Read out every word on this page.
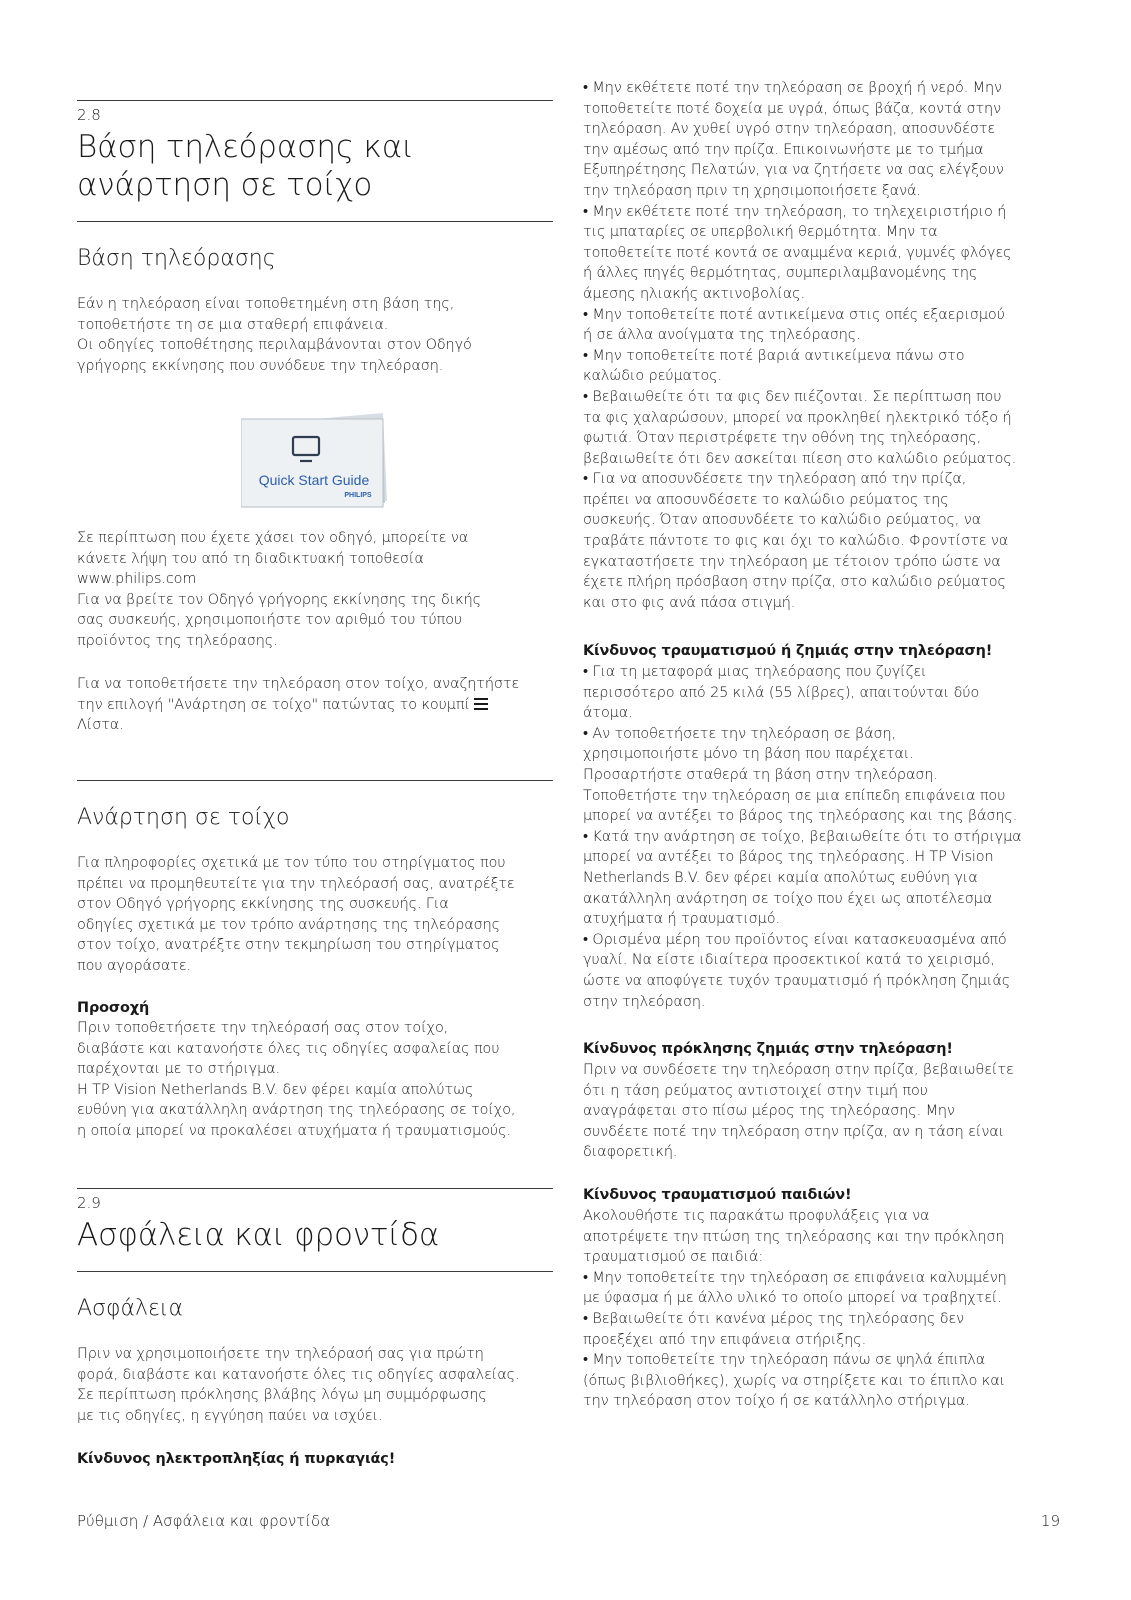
2.8
Βάση τηλεόρασης και
ανάρτηση σε τοίχο
Βάση τηλεόρασης
Εάν η τηλεόραση είναι τοποθετημένη στη βάση της,
τοποθετήστε τη σε μια σταθερή επιφάνεια.
Οι οδηγίες τοποθέτησης περιλαμβάνονται στον Οδηγό
γρήγορης εκκίνησης που συνόδευε την τηλεόραση.
Quick Start Guide
PHILIPS
Σε περίπτωση που έχετε χάσει τον οδηγό, μπορείτε να
κάνετε λήψη του από τη διαδικτυακή τοποθεσία
www.philips.com
Για να βρείτε τον Οδηγό γρήγορης εκκίνησης της δικής
σας συσκευής, χρησιμοποιήστε τον αριθμό του τύπου
προϊόντος της τηλεόρασης.
Για να τοποθετήσετε την τηλεόραση στον τοίχο, αναζητήστε
την επιλογή "Ανάρτηση σε τοίχο" πατώντας το κουμπί
Λίστα.
Ανάρτηση σε τοίχο
Για πληροφορίες σχετικά με τον τύπο του στηρίγματος που
πρέπει να προμηθευτείτε για την τηλεόρασή σας, ανατρέξτε
στον Οδηγό γρήγορης εκκίνησης της συσκευής. Για
οδηγίες σχετικά με τον τρόπο ανάρτησης της τηλεόρασης
στον τοίχο, ανατρέξτε στην τεκμηρίωση του στηρίγματος
που αγοράσατε.
Προσοχή
Πριν τοποθετήσετε την τηλεόρασή σας στον τοίχο,
διαβάστε και κατανοήστε όλες τις οδηγίες ασφαλείας που
παρέχονται με το στήριγμα.
Η TP Vision Netherlands B.V. δεν φέρει καμία απολύτως
ευθύνη για ακατάλληλη ανάρτηση της τηλεόρασης σε τοίχο,
η οποία μπορεί να προκαλέσει ατυχήματα ή τραυματισμούς.
2.9
Ασφάλεια και φροντίδα
Ασφάλεια
Πριν να χρησιμοποιήσετε την τηλεόρασή σας για πρώτη
φορά, διαβάστε και κατανοήστε όλες τις οδηγίες ασφαλείας.
Σε περίπτωση πρόκλησης βλάβης λόγω μη συμμόρφωσης
με τις οδηγίες, η εγγύηση παύει να ισχύει.
Κίνδυνος ηλεκτροπληξίας ή πυρκαγιάς!
• Μην εκθέτετε ποτέ την τηλεόραση σε βροχή ή νερό. Μην
τοποθετείτε ποτέ δοχεία με υγρά, όπως βάζα, κοντά στην
τηλεόραση. Αν χυθεί υγρό στην τηλεόραση, αποσυνδέστε
την αμέσως από την πρίζα. Επικοινωνήστε με το τμήμα
Εξυπηρέτησης Πελατών, για να ζητήσετε να σας ελέγξουν
την τηλεόραση πριν τη χρησιμοποιήσετε ξανά.
• Μην εκθέτετε ποτέ την τηλεόραση, το τηλεχειριστήριο ή
τις μπαταρίες σε υπερβολική θερμότητα. Μην τα
τοποθετείτε ποτέ κοντά σε αναμμένα κεριά, γυμνές φλόγες
ή άλλες πηγές θερμότητας, συμπεριλαμβανομένης της
άμεσης ηλιακής ακτινοβολίας.
• Μην τοποθετείτε ποτέ αντικείμενα στις οπές εξαερισμού
ή σε άλλα ανοίγματα της τηλεόρασης.
• Μην τοποθετείτε ποτέ βαριά αντικείμενα πάνω στο
καλώδιο ρεύματος.
• Βεβαιωθείτε ότι τα φις δεν πιέζονται. Σε περίπτωση που
τα φις χαλαρώσουν, μπορεί να προκληθεί ηλεκτρικό τόξο ή
φωτιά. Όταν περιστρέφετε την οθόνη της τηλεόρασης,
βεβαιωθείτε ότι δεν ασκείται πίεση στο καλώδιο ρεύματος.
• Για να αποσυνδέσετε την τηλεόραση από την πρίζα,
πρέπει να αποσυνδέσετε το καλώδιο ρεύματος της
συσκευής. Όταν αποσυνδέετε το καλώδιο ρεύματος, να
τραβάτε πάντοτε το φις και όχι το καλώδιο. Φροντίστε να
εγκαταστήσετε την τηλεόραση με τέτοιον τρόπο ώστε να
έχετε πλήρη πρόσβαση στην πρίζα, στο καλώδιο ρεύματος
και στο φις ανά πάσα στιγμή.
Κίνδυνος τραυματισμού ή ζημιάς στην τηλεόραση!
• Για τη μεταφορά μιας τηλεόρασης που ζυγίζει
περισσότερο από 25 κιλά (55 λίβρες), απαιτούνται δύο
άτομα.
• Αν τοποθετήσετε την τηλεόραση σε βάση,
χρησιμοποιήστε μόνο τη βάση που παρέχεται.
Προσαρτήστε σταθερά τη βάση στην τηλεόραση.
Τοποθετήστε την τηλεόραση σε μια επίπεδη επιφάνεια που
μπορεί να αντέξει το βάρος της τηλεόρασης και της βάσης.
• Κατά την ανάρτηση σε τοίχο, βεβαιωθείτε ότι το στήριγμα
μπορεί να αντέξει το βάρος της τηλεόρασης. Η TP Vision
Netherlands B.V. δεν φέρει καμία απολύτως ευθύνη για
ακατάλληλη ανάρτηση σε τοίχο που έχει ως αποτέλεσμα
ατυχήματα ή τραυματισμό.
• Ορισμένα μέρη του προϊόντος είναι κατασκευασμένα από
γυαλί. Να είστε ιδιαίτερα προσεκτικοί κατά το χειρισμό,
ώστε να αποφύγετε τυχόν τραυματισμό ή πρόκληση ζημιάς
στην τηλεόραση.
Κίνδυνος πρόκλησης ζημιάς στην τηλεόραση!
Πριν να συνδέσετε την τηλεόραση στην πρίζα, βεβαιωθείτε
ότι η τάση ρεύματος αντιστοιχεί στην τιμή που
αναγράφεται στο πίσω μέρος της τηλεόρασης. Μην
συνδέετε ποτέ την τηλεόραση στην πρίζα, αν η τάση είναι
διαφορετική.
Κίνδυνος τραυματισμού παιδιών!
Ακολουθήστε τις παρακάτω προφυλάξεις για να
αποτρέψετε την πτώση της τηλεόρασης και την πρόκληση
τραυματισμού σε παιδιά:
• Μην τοποθετείτε την τηλεόραση σε επιφάνεια καλυμμένη
με ύφασμα ή με άλλο υλικό το οποίο μπορεί να τραβηχτεί.
• Βεβαιωθείτε ότι κανένα μέρος της τηλεόρασης δεν
προεξέχει από την επιφάνεια στήριξης.
• Μην τοποθετείτε την τηλεόραση πάνω σε ψηλά έπιπλα
(όπως βιβλιοθήκες), χωρίς να στηρίξετε και το έπιπλο και
την τηλεόραση στον τοίχο ή σε κατάλληλο στήριγμα.
Ρύθμιση / Ασφάλεια και φροντίδα	19
